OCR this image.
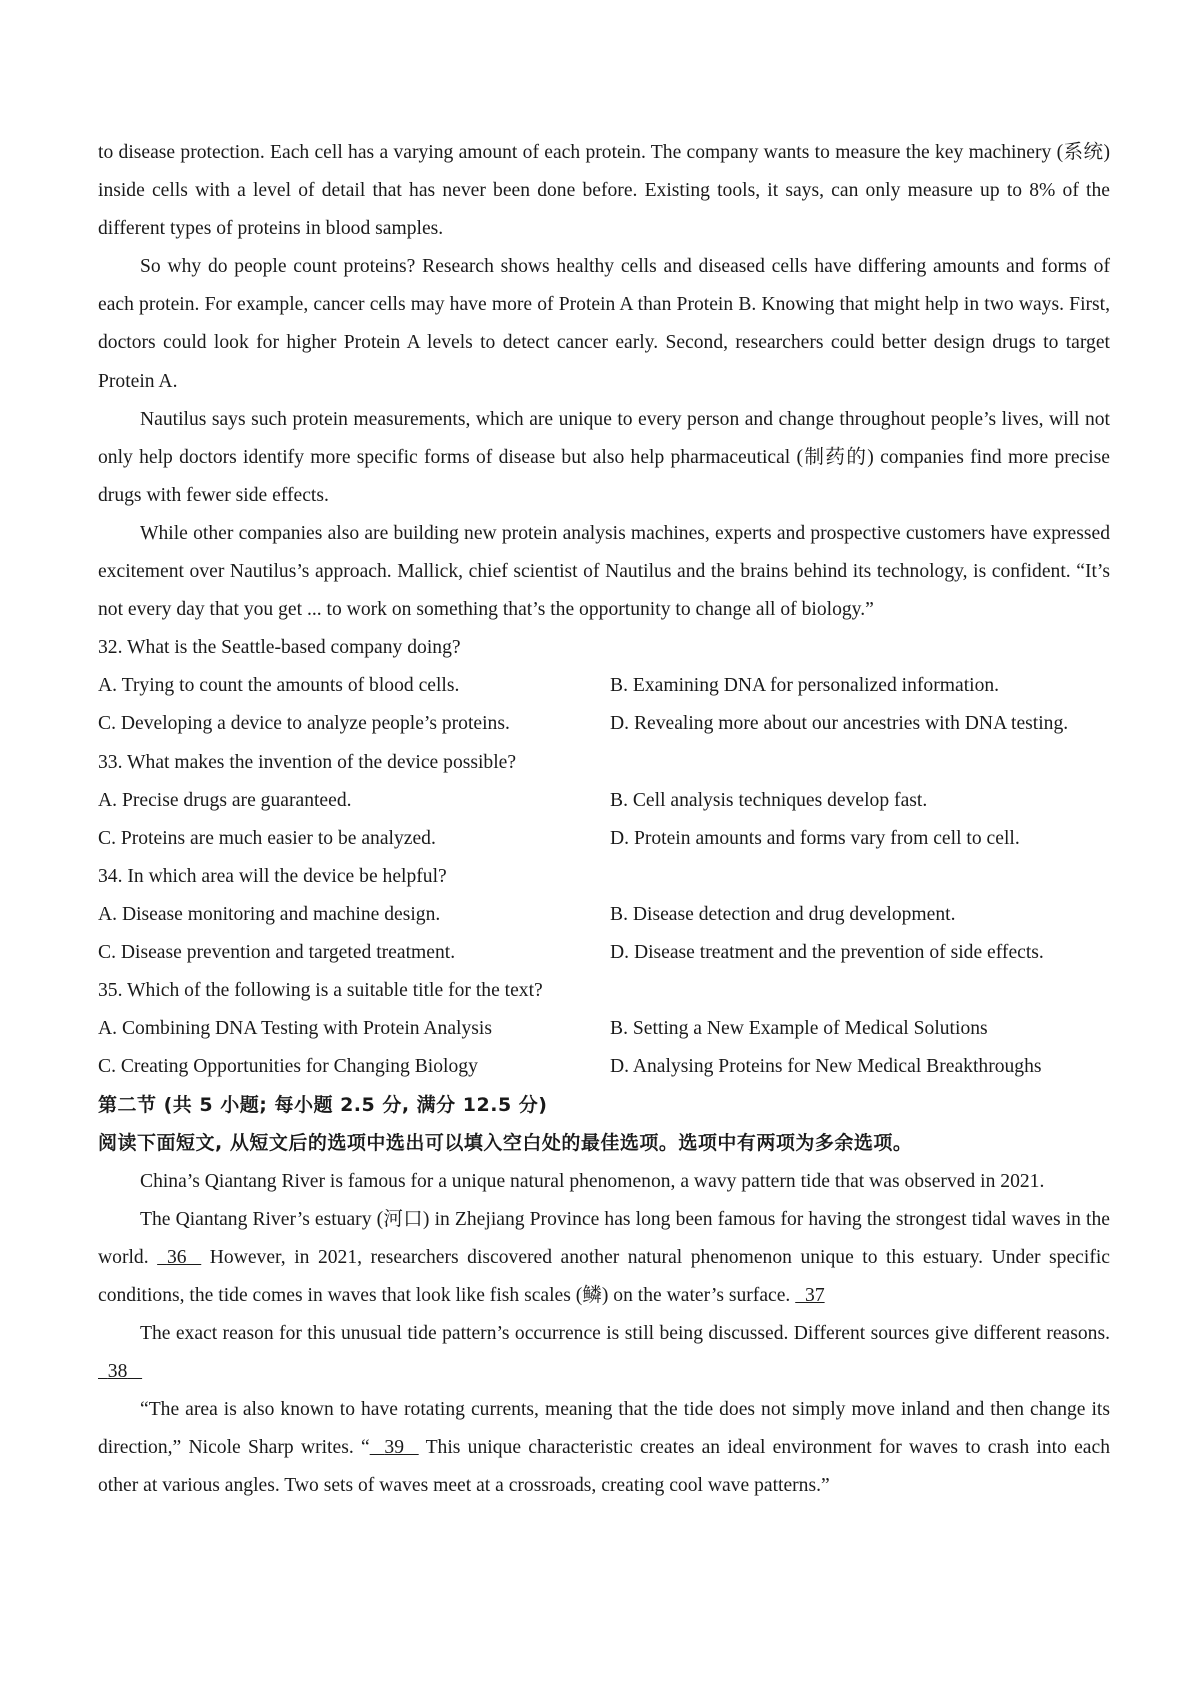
to disease protection. Each cell has a varying amount of each protein. The company wants to measure the key machinery (系统) inside cells with a level of detail that has never been done before. Existing tools, it says, can only measure up to 8% of the different types of proteins in blood samples.

So why do people count proteins? Research shows healthy cells and diseased cells have differing amounts and forms of each protein. For example, cancer cells may have more of Protein A than Protein B. Knowing that might help in two ways. First, doctors could look for higher Protein A levels to detect cancer early. Second, researchers could better design drugs to target Protein A.

Nautilus says such protein measurements, which are unique to every person and change throughout people’s lives, will not only help doctors identify more specific forms of disease but also help pharmaceutical (制药的) companies find more precise drugs with fewer side effects.

While other companies also are building new protein analysis machines, experts and prospective customers have expressed excitement over Nautilus’s approach. Mallick, chief scientist of Nautilus and the brains behind its technology, is confident. “It’s not every day that you get ... to work on something that’s the opportunity to change all of biology.”

32. What is the Seattle-based company doing?
A. Trying to count the amounts of blood cells.	B. Examining DNA for personalized information.
C. Developing a device to analyze people’s proteins.	D. Revealing more about our ancestries with DNA testing.
33. What makes the invention of the device possible?
A. Precise drugs are guaranteed.	B. Cell analysis techniques develop fast.
C. Proteins are much easier to be analyzed.	D. Protein amounts and forms vary from cell to cell.
34. In which area will the device be helpful?
A. Disease monitoring and machine design.	B. Disease detection and drug development.
C. Disease prevention and targeted treatment.	D. Disease treatment and the prevention of side effects.
35. Which of the following is a suitable title for the text?
A. Combining DNA Testing with Protein Analysis	B. Setting a New Example of Medical Solutions
C. Creating Opportunities for Changing Biology	D. Analysing Proteins for New Medical Breakthroughs
第二节 (共 5 小题; 每小题 2.5 分, 满分 12.5 分)
阅读下面短文, 从短文后的选项中选出可以填入空白处的最佳选项。选项中有两项为多余选项。

China’s Qiantang River is famous for a unique natural phenomenon, a wavy pattern tide that was observed in 2021.

The Qiantang River’s estuary (河口) in Zhejiang Province has long been famous for having the strongest tidal waves in the world. 36 However, in 2021, researchers discovered another natural phenomenon unique to this estuary. Under specific conditions, the tide comes in waves that look like fish scales (鳞) on the water’s surface. 37

The exact reason for this unusual tide pattern’s occurrence is still being discussed. Different sources give different reasons.   38

“The area is also known to have rotating currents, meaning that the tide does not simply move inland and then change its direction,” Nicole Sharp writes. “ 39 This unique characteristic creates an ideal environment for waves to crash into each other at various angles. Two sets of waves meet at a crossroads, creating cool wave patterns.”
